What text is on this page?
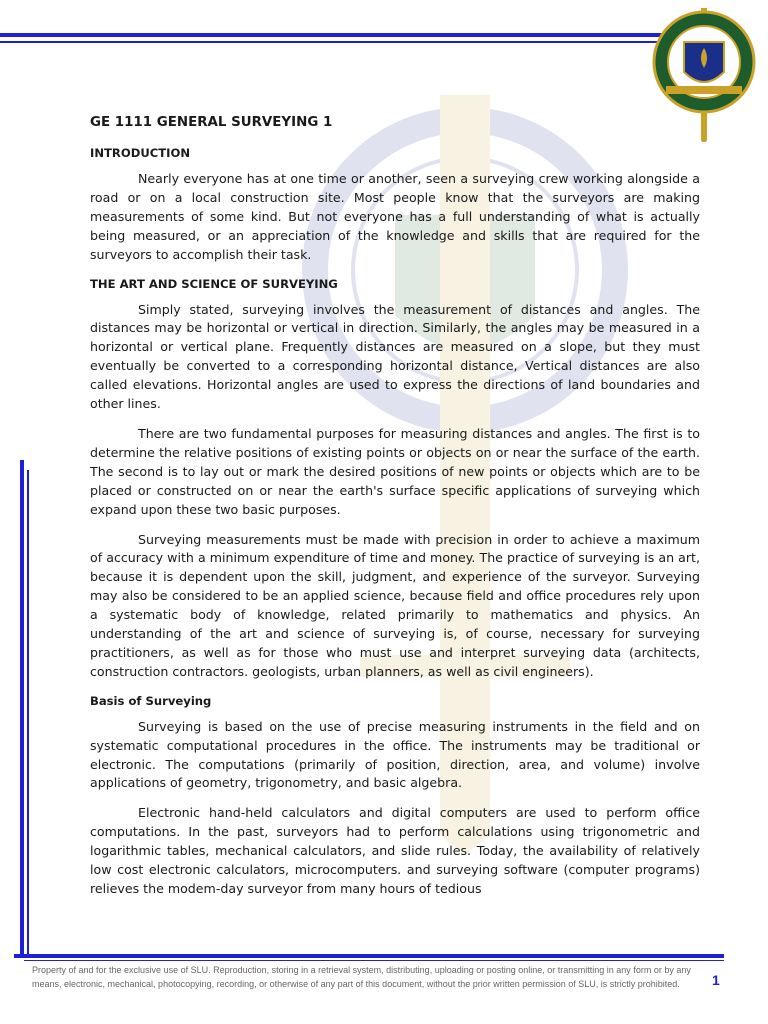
GE 1111 GENERAL SURVEYING 1
INTRODUCTION

Nearly everyone has at one time or another, seen a surveying crew working alongside a road or on a local construction site. Most people know that the surveyors are making measurements of some kind. But not everyone has a full understanding of what is actually being measured, or an appreciation of the knowledge and skills that are required for the surveyors to accomplish their task.

THE ART AND SCIENCE OF SURVEYING

Simply stated, surveying involves the measurement of distances and angles. The distances may be horizontal or vertical in direction. Similarly, the angles may be measured in a horizontal or vertical plane. Frequently distances are measured on a slope, but they must eventually be converted to a corresponding horizontal distance, Vertical distances are also called elevations. Horizontal angles are used to express the directions of land boundaries and other lines.

There are two fundamental purposes for measuring distances and angles. The first is to determine the relative positions of existing points or objects on or near the surface of the earth. The second is to lay out or mark the desired positions of new points or objects which are to be placed or constructed on or near the earth's surface specific applications of surveying which expand upon these two basic purposes.

Surveying measurements must be made with precision in order to achieve a maximum of accuracy with a minimum expenditure of time and money. The practice of surveying is an art, because it is dependent upon the skill, judgment, and experience of the surveyor. Surveying may also be considered to be an applied science, because field and office procedures rely upon a systematic body of knowledge, related primarily to mathematics and physics. An understanding of the art and science of surveying is, of course, necessary for surveying practitioners, as well as for those who must use and interpret surveying data (architects, construction contractors. geologists, urban planners, as well as civil engineers).

Basis of Surveying

Surveying is based on the use of precise measuring instruments in the field and on systematic computational procedures in the office. The instruments may be traditional or electronic. The computations (primarily of position, direction, area, and volume) involve applications of geometry, trigonometry, and basic algebra.

Electronic hand-held calculators and digital computers are used to perform office computations. In the past, surveyors had to perform calculations using trigonometric and logarithmic tables, mechanical calculators, and slide rules. Today, the availability of relatively low cost electronic calculators, microcomputers. and surveying software (computer programs) relieves the modem-day surveyor from many hours of tedious

Property of and for the exclusive use of SLU. Reproduction, storing in a retrieval system, distributing, uploading or posting online, or transmitting in any form or by any means, electronic, mechanical, photocopying, recording, or otherwise of any part of this document, without the prior written permission of SLU, is strictly prohibited.	1
